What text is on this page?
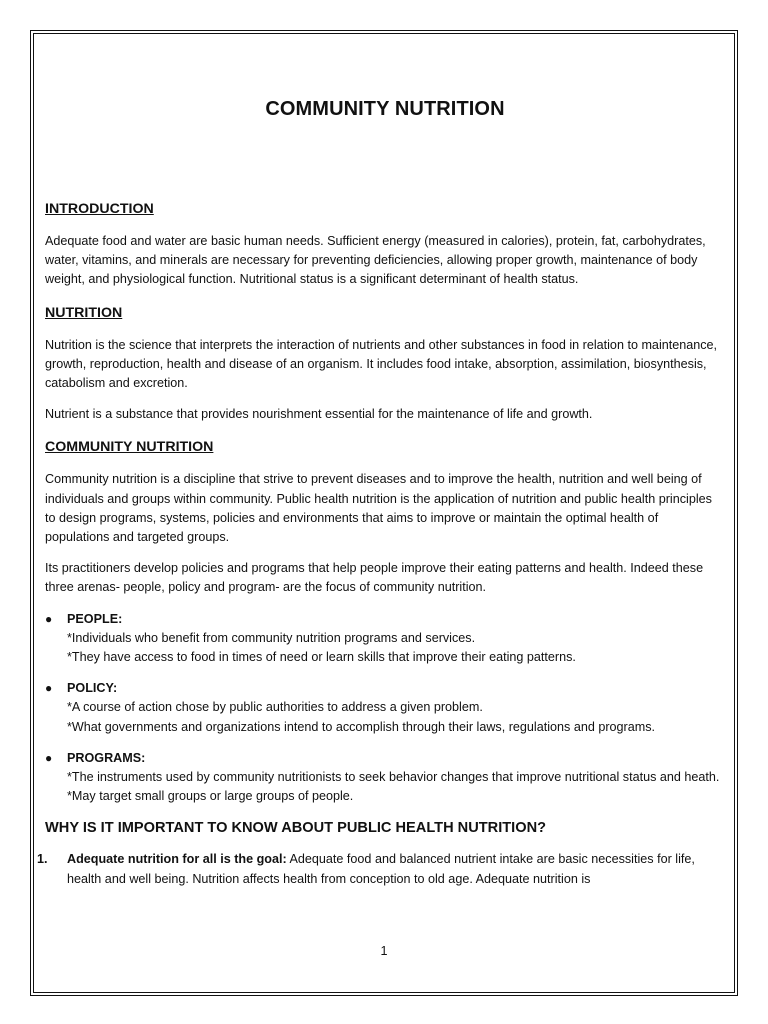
COMMUNITY NUTRITION
INTRODUCTION

Adequate food and water are basic human needs. Sufficient energy (measured in calories), protein, fat, carbohydrates, water, vitamins, and minerals are necessary for preventing deficiencies, allowing proper growth, maintenance of body weight, and physiological function. Nutritional status is a significant determinant of health status.

NUTRITION

Nutrition is the science that interprets the interaction of nutrients and other substances in food in relation to maintenance, growth, reproduction, health and disease of an organism. It includes food intake, absorption, assimilation, biosynthesis, catabolism and excretion.

Nutrient is a substance that provides nourishment essential for the maintenance of life and growth.

COMMUNITY NUTRITION

Community nutrition is a discipline that strive to prevent diseases and to improve the health, nutrition and well being of individuals and groups within community. Public health nutrition is the application of nutrition and public health principles to design programs, systems, policies and environments that aims to improve or maintain the optimal health of populations and targeted groups.

Its practitioners develop policies and programs that help people improve their eating patterns and health. Indeed these three arenas- people, policy and program- are the focus of community nutrition.

● PEOPLE:
*Individuals who benefit from community nutrition programs and services.
*They have access to food in times of need or learn skills that improve their eating patterns.
● POLICY:
*A course of action chose by public authorities to address a given problem.
*What governments and organizations intend to accomplish through their laws, regulations and programs.
● PROGRAMS:
*The instruments used by community nutritionists to seek behavior changes that improve nutritional status and heath.
*May target small groups or large groups of people.
WHY IS IT IMPORTANT TO KNOW ABOUT PUBLIC HEALTH NUTRITION?
1. Adequate nutrition for all is the goal: Adequate food and balanced nutrient intake are basic necessities for life, health and well being. Nutrition affects health from conception to old age. Adequate nutrition is
1
